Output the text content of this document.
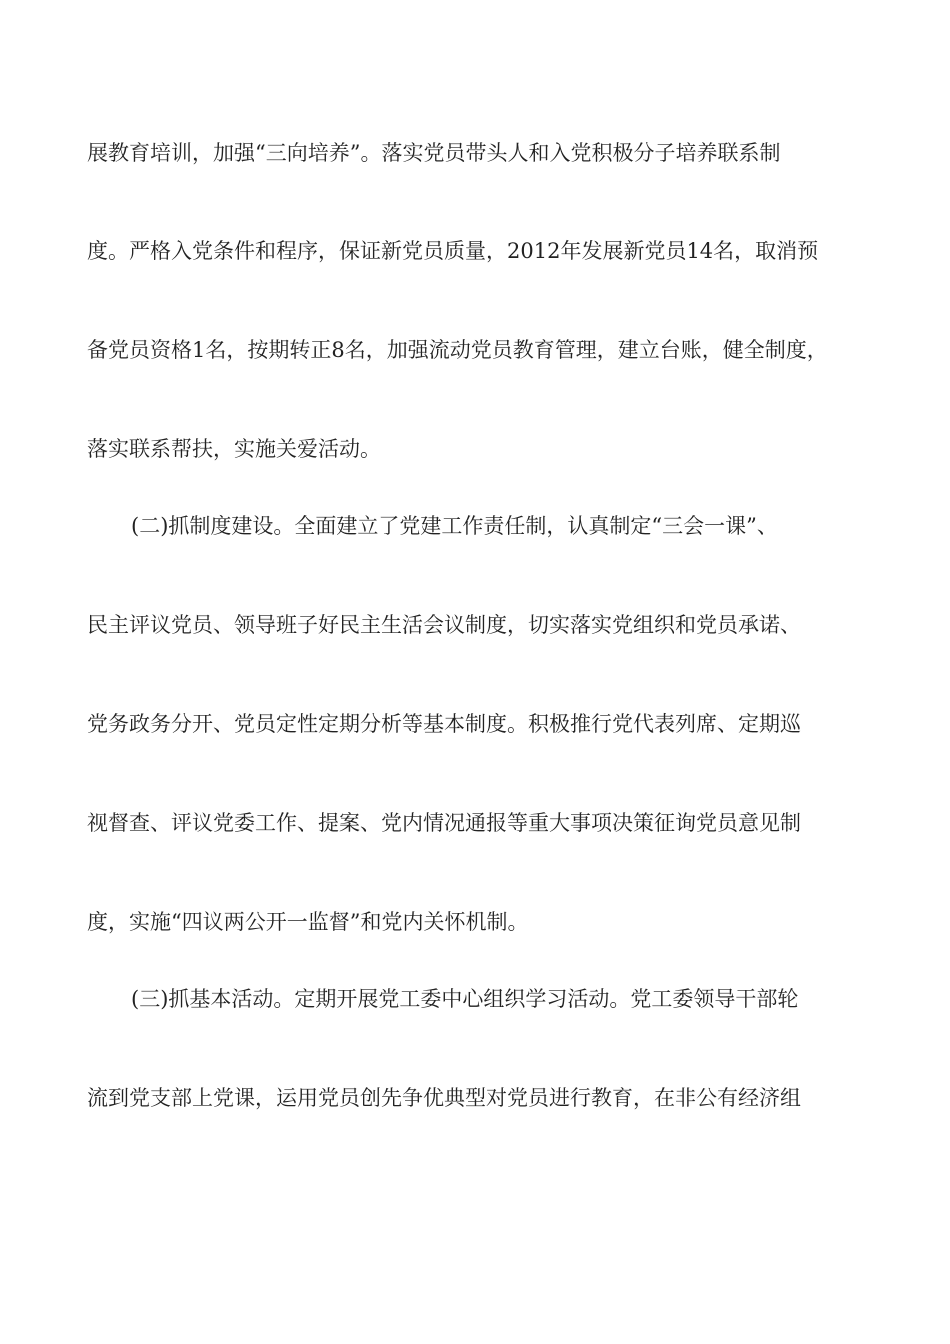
展教育培训，加强“三向培养”。落实党员带头人和入党积极分子培养联系制

度。严格入党条件和程序，保证新党员质量，2012年发展新党员14名，取消预

备党员资格1名，按期转正8名，加强流动党员教育管理，建立台账，健全制度，

落实联系帮扶，实施关爱活动。

(二)抓制度建设。全面建立了党建工作责任制，认真制定“三会一课”、

民主评议党员、领导班子好民主生活会议制度，切实落实党组织和党员承诺、

党务政务分开、党员定性定期分析等基本制度。积极推行党代表列席、定期巡

视督查、评议党委工作、提案、党内情况通报等重大事项决策征询党员意见制

度，实施“四议两公开一监督”和党内关怀机制。

(三)抓基本活动。定期开展党工委中心组织学习活动。党工委领导干部轮

流到党支部上党课，运用党员创先争优典型对党员进行教育，在非公有经济组
